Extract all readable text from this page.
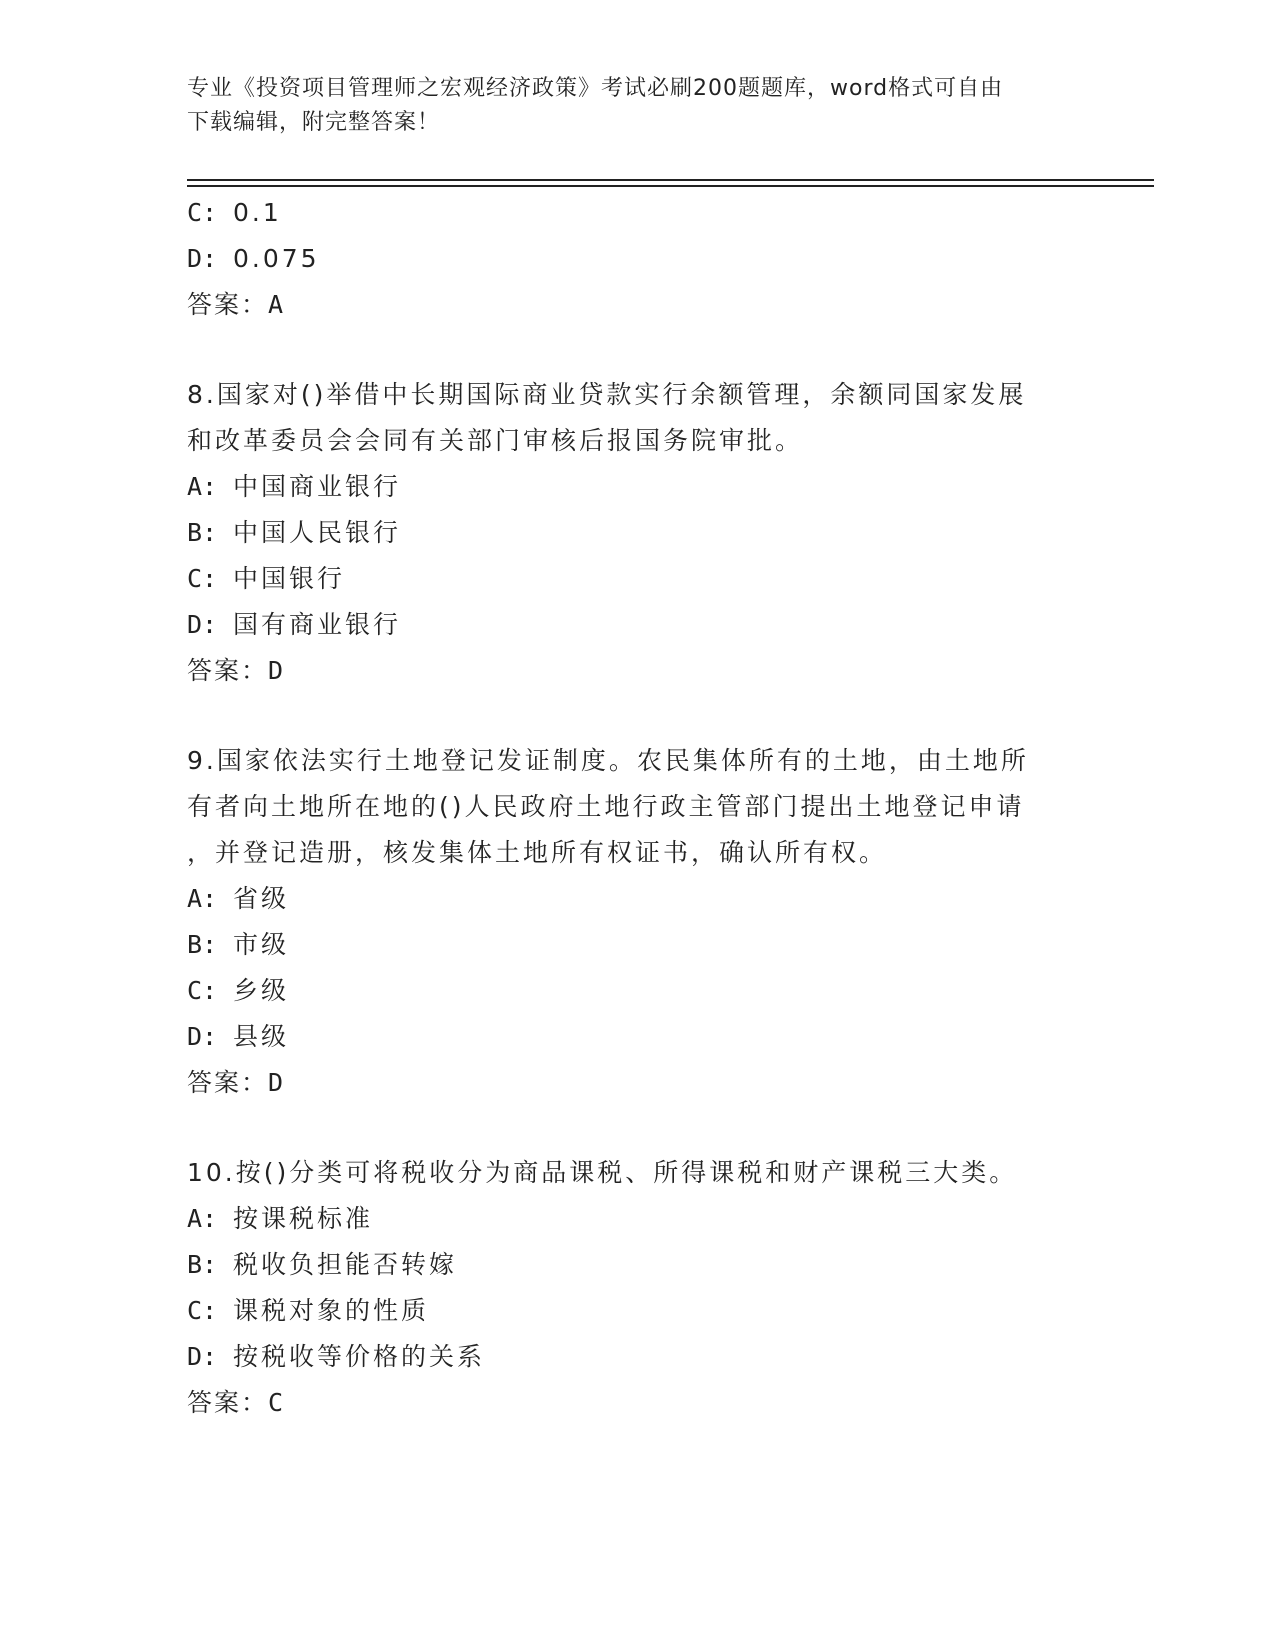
专业《投资项目管理师之宏观经济政策》考试必刷200题题库，word格式可自由
下载编辑，附完整答案！
C: 0.1
D: 0.075
答案： A
8.国家对()举借中长期国际商业贷款实行余额管理，余额同国家发展
和改革委员会会同有关部门审核后报国务院审批。
A: 中国商业银行
B: 中国人民银行
C: 中国银行
D: 国有商业银行
答案： D
9.国家依法实行土地登记发证制度。农民集体所有的土地，由土地所
有者向土地所在地的()人民政府土地行政主管部门提出土地登记申请
，并登记造册，核发集体土地所有权证书，确认所有权。
A: 省级
B: 市级
C: 乡级
D: 县级
答案： D
10.按()分类可将税收分为商品课税、所得课税和财产课税三大类。
A: 按课税标准
B: 税收负担能否转嫁
C: 课税对象的性质
D: 按税收等价格的关系
答案： C
